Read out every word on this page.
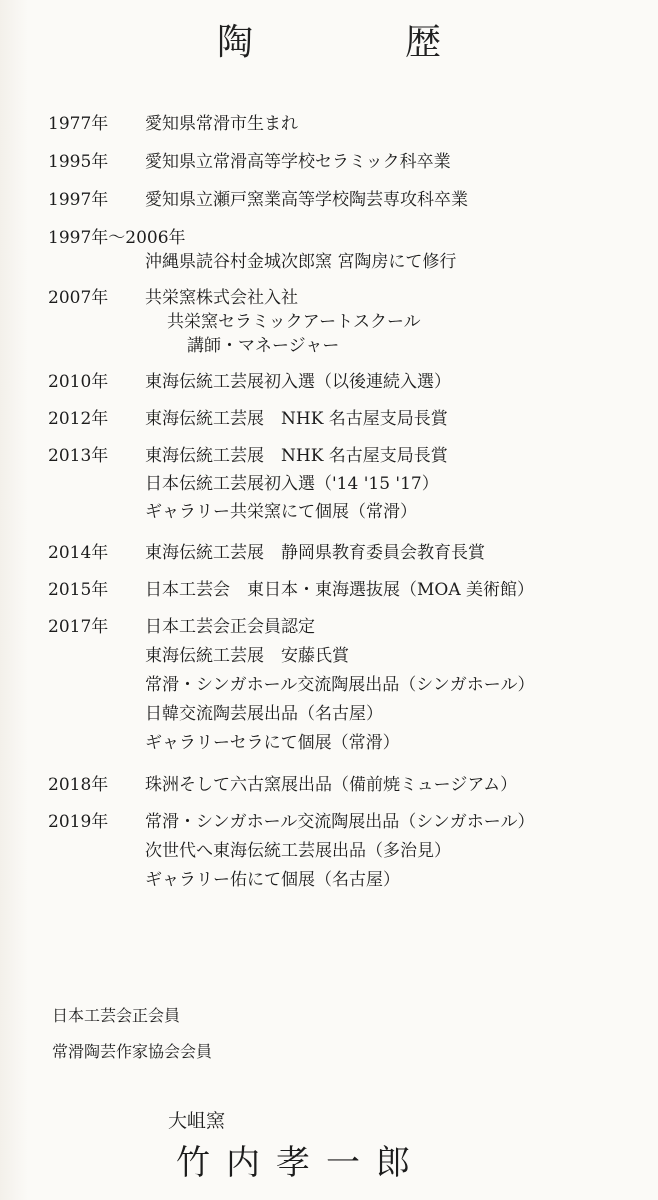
陶　歴
1977年	愛知県常滑市生まれ
1995年	愛知県立常滑高等学校セラミック科卒業
1997年	愛知県立瀬戸窯業高等学校陶芸専攻科卒業
1997年～2006年
沖縄県読谷村金城次郎窯 宮陶房にて修行
2007年	共栄窯株式会社入社
共栄窯セラミックアートスクール
講師・マネージャー
2010年	東海伝統工芸展初入選（以後連続入選）
2012年	東海伝統工芸展　NHK 名古屋支局長賞
2013年	東海伝統工芸展　NHK 名古屋支局長賞
日本伝統工芸展初入選（'14 '15 '17）
ギャラリー共栄窯にて個展（常滑）
2014年	東海伝統工芸展　静岡県教育委員会教育長賞
2015年	日本工芸会　東日本・東海選抜展（MOA 美術館）
2017年	日本工芸会正会員認定
東海伝統工芸展　安藤氏賞
常滑・シンガホール交流陶展出品（シンガホール）
日韓交流陶芸展出品（名古屋）
ギャラリーセラにて個展（常滑）
2018年	珠洲そして六古窯展出品（備前焼ミュージアム）
2019年	常滑・シンガホール交流陶展出品（シンガホール）
次世代へ東海伝統工芸展出品（多治見）
ギャラリー佑にて個展（名古屋）
日本工芸会正会員
常滑陶芸作家協会会員
大岨窯
竹内孝一郎
